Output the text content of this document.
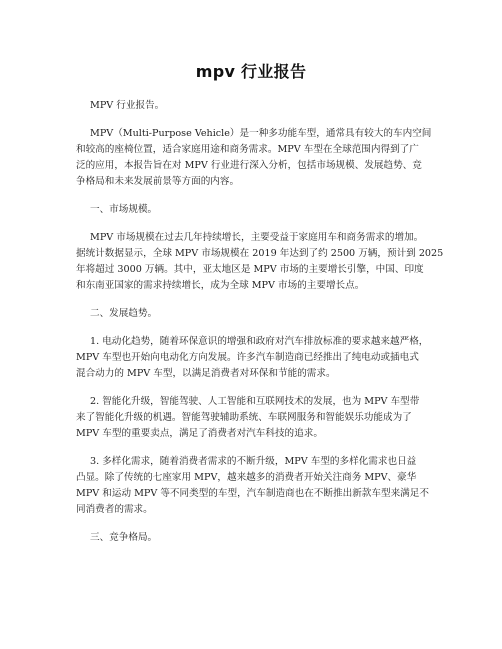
mpv 行业报告
MPV 行业报告。
MPV（Multi-Purpose Vehicle）是一种多功能车型，通常具有较大的车内空间
和较高的座椅位置，适合家庭用途和商务需求。MPV 车型在全球范围内得到了广
泛的应用，本报告旨在对 MPV 行业进行深入分析，包括市场规模、发展趋势、竞
争格局和未来发展前景等方面的内容。
一、市场规模。
MPV 市场规模在过去几年持续增长，主要受益于家庭用车和商务需求的增加。
据统计数据显示，全球 MPV 市场规模在 2019 年达到了约 2500 万辆，预计到 2025
年将超过 3000 万辆。其中，亚太地区是 MPV 市场的主要增长引擎，中国、印度
和东南亚国家的需求持续增长，成为全球 MPV 市场的主要增长点。
二、发展趋势。
1. 电动化趋势，随着环保意识的增强和政府对汽车排放标准的要求越来越严格，
MPV 车型也开始向电动化方向发展。许多汽车制造商已经推出了纯电动或插电式
混合动力的 MPV 车型，以满足消费者对环保和节能的需求。
2. 智能化升级，智能驾驶、人工智能和互联网技术的发展，也为 MPV 车型带
来了智能化升级的机遇。智能驾驶辅助系统、车联网服务和智能娱乐功能成为了
MPV 车型的重要卖点，满足了消费者对汽车科技的追求。
3. 多样化需求，随着消费者需求的不断升级，MPV 车型的多样化需求也日益
凸显。除了传统的七座家用 MPV，越来越多的消费者开始关注商务 MPV、豪华
MPV 和运动 MPV 等不同类型的车型，汽车制造商也在不断推出新款车型来满足不
同消费者的需求。
三、竞争格局。
